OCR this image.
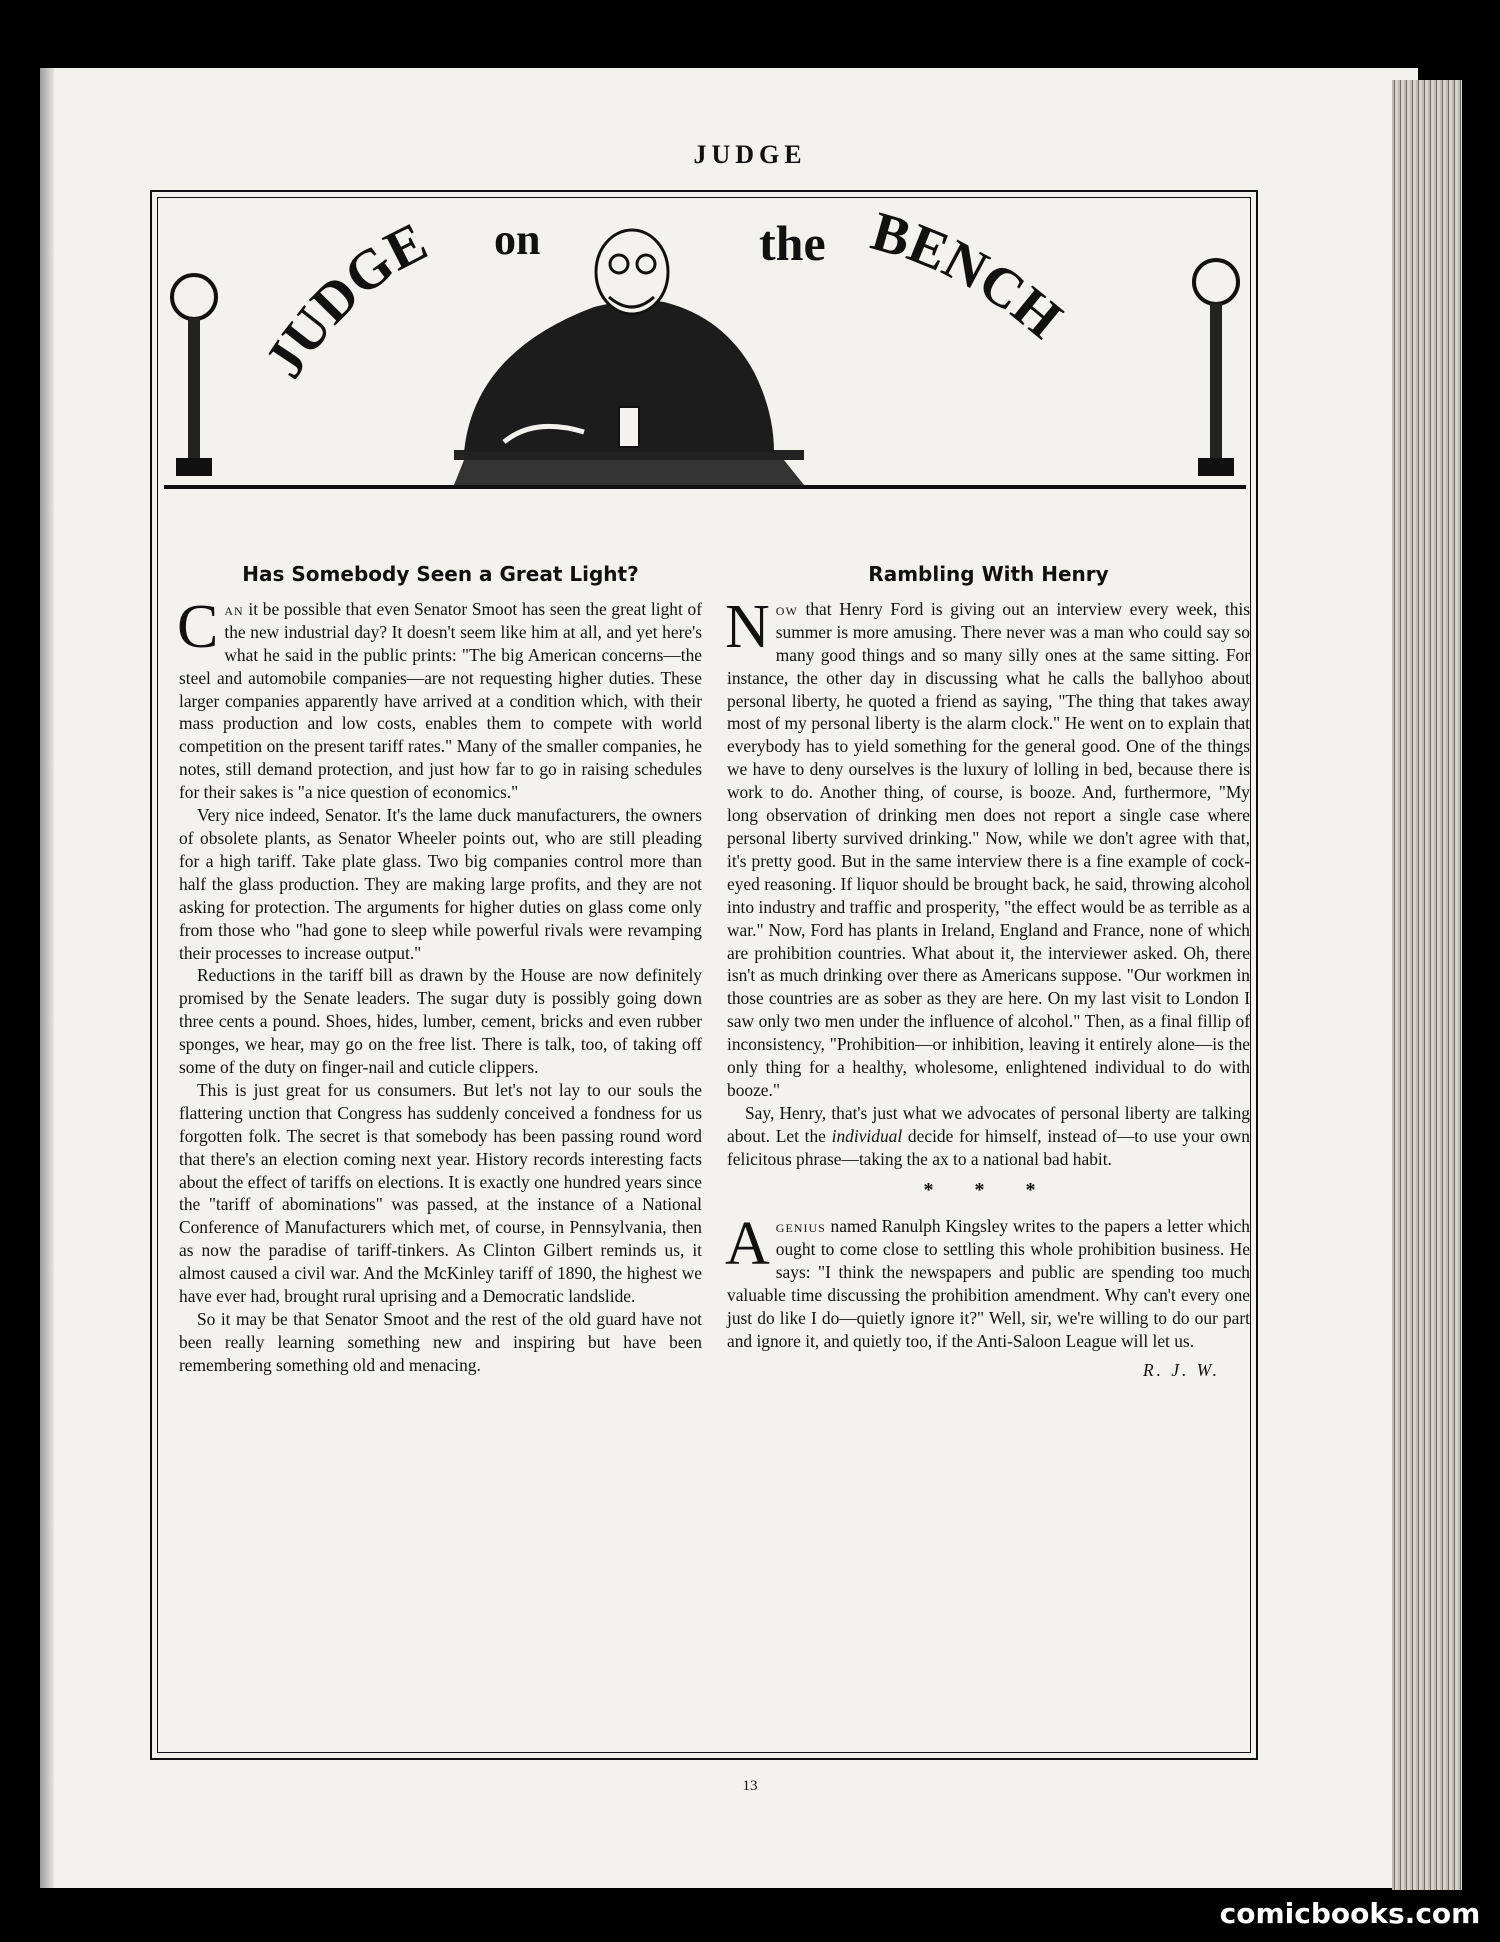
JUDGE
JUDGE on	the BENCH
Has Somebody Seen a Great Light?

Can it be possible that even Senator Smoot has seen the great light of the new industrial day? It doesn't seem like him at all, and yet here's what he said in the public prints: "The big American concerns—the steel and automobile companies—are not requesting higher duties. These larger companies apparently have arrived at a condition which, with their mass production and low costs, enables them to compete with world competition on the present tariff rates." Many of the smaller companies, he notes, still demand protection, and just how far to go in raising schedules for their sakes is "a nice question of economics."

Very nice indeed, Senator. It's the lame duck manufacturers, the owners of obsolete plants, as Senator Wheeler points out, who are still pleading for a high tariff. Take plate glass. Two big companies control more than half the glass production. They are making large profits, and they are not asking for protection. The arguments for higher duties on glass come only from those who "had gone to sleep while powerful rivals were revamping their processes to increase output."

Reductions in the tariff bill as drawn by the House are now definitely promised by the Senate leaders. The sugar duty is possibly going down three cents a pound. Shoes, hides, lumber, cement, bricks and even rubber sponges, we hear, may go on the free list. There is talk, too, of taking off some of the duty on finger-nail and cuticle clippers.

This is just great for us consumers. But let's not lay to our souls the flattering unction that Congress has suddenly conceived a fondness for us forgotten folk. The secret is that somebody has been passing round word that there's an election coming next year. History records interesting facts about the effect of tariffs on elections. It is exactly one hundred years since the "tariff of abominations" was passed, at the instance of a National Conference of Manufacturers which met, of course, in Pennsylvania, then as now the paradise of tariff-tinkers. As Clinton Gilbert reminds us, it almost caused a civil war. And the McKinley tariff of 1890, the highest we have ever had, brought rural uprising and a Democratic landslide.

So it may be that Senator Smoot and the rest of the old guard have not been really learning something new and inspiring but have been remembering something old and menacing.

Rambling With Henry

Now that Henry Ford is giving out an interview every week, this summer is more amusing. There never was a man who could say so many good things and so many silly ones at the same sitting. For instance, the other day in discussing what he calls the ballyhoo about personal liberty, he quoted a friend as saying, "The thing that takes away most of my personal liberty is the alarm clock." He went on to explain that everybody has to yield something for the general good. One of the things we have to deny ourselves is the luxury of lolling in bed, because there is work to do. Another thing, of course, is booze. And, furthermore, "My long observation of drinking men does not report a single case where personal liberty survived drinking." Now, while we don't agree with that, it's pretty good. But in the same interview there is a fine example of cock-eyed reasoning. If liquor should be brought back, he said, throwing alcohol into industry and traffic and prosperity, "the effect would be as terrible as a war." Now, Ford has plants in Ireland, England and France, none of which are prohibition countries. What about it, the interviewer asked. Oh, there isn't as much drinking over there as Americans suppose. "Our workmen in those countries are as sober as they are here. On my last visit to London I saw only two men under the influence of alcohol." Then, as a final fillip of inconsistency, "Prohibition—or inhibition, leaving it entirely alone—is the only thing for a healthy, wholesome, enlightened individual to do with booze."

Say, Henry, that's just what we advocates of personal liberty are talking about. Let the individual decide for himself, instead of—to use your own felicitous phrase—taking the ax to a national bad habit.

* * *

Agenius named Ranulph Kingsley writes to the papers a letter which ought to come close to settling this whole prohibition business. He says: "I think the newspapers and public are spending too much valuable time discussing the prohibition amendment. Why can't every one just do like I do—quietly ignore it?" Well, sir, we're willing to do our part and ignore it, and quietly too, if the Anti-Saloon League will let us.

R. J. W.
13
comicbooks.com
